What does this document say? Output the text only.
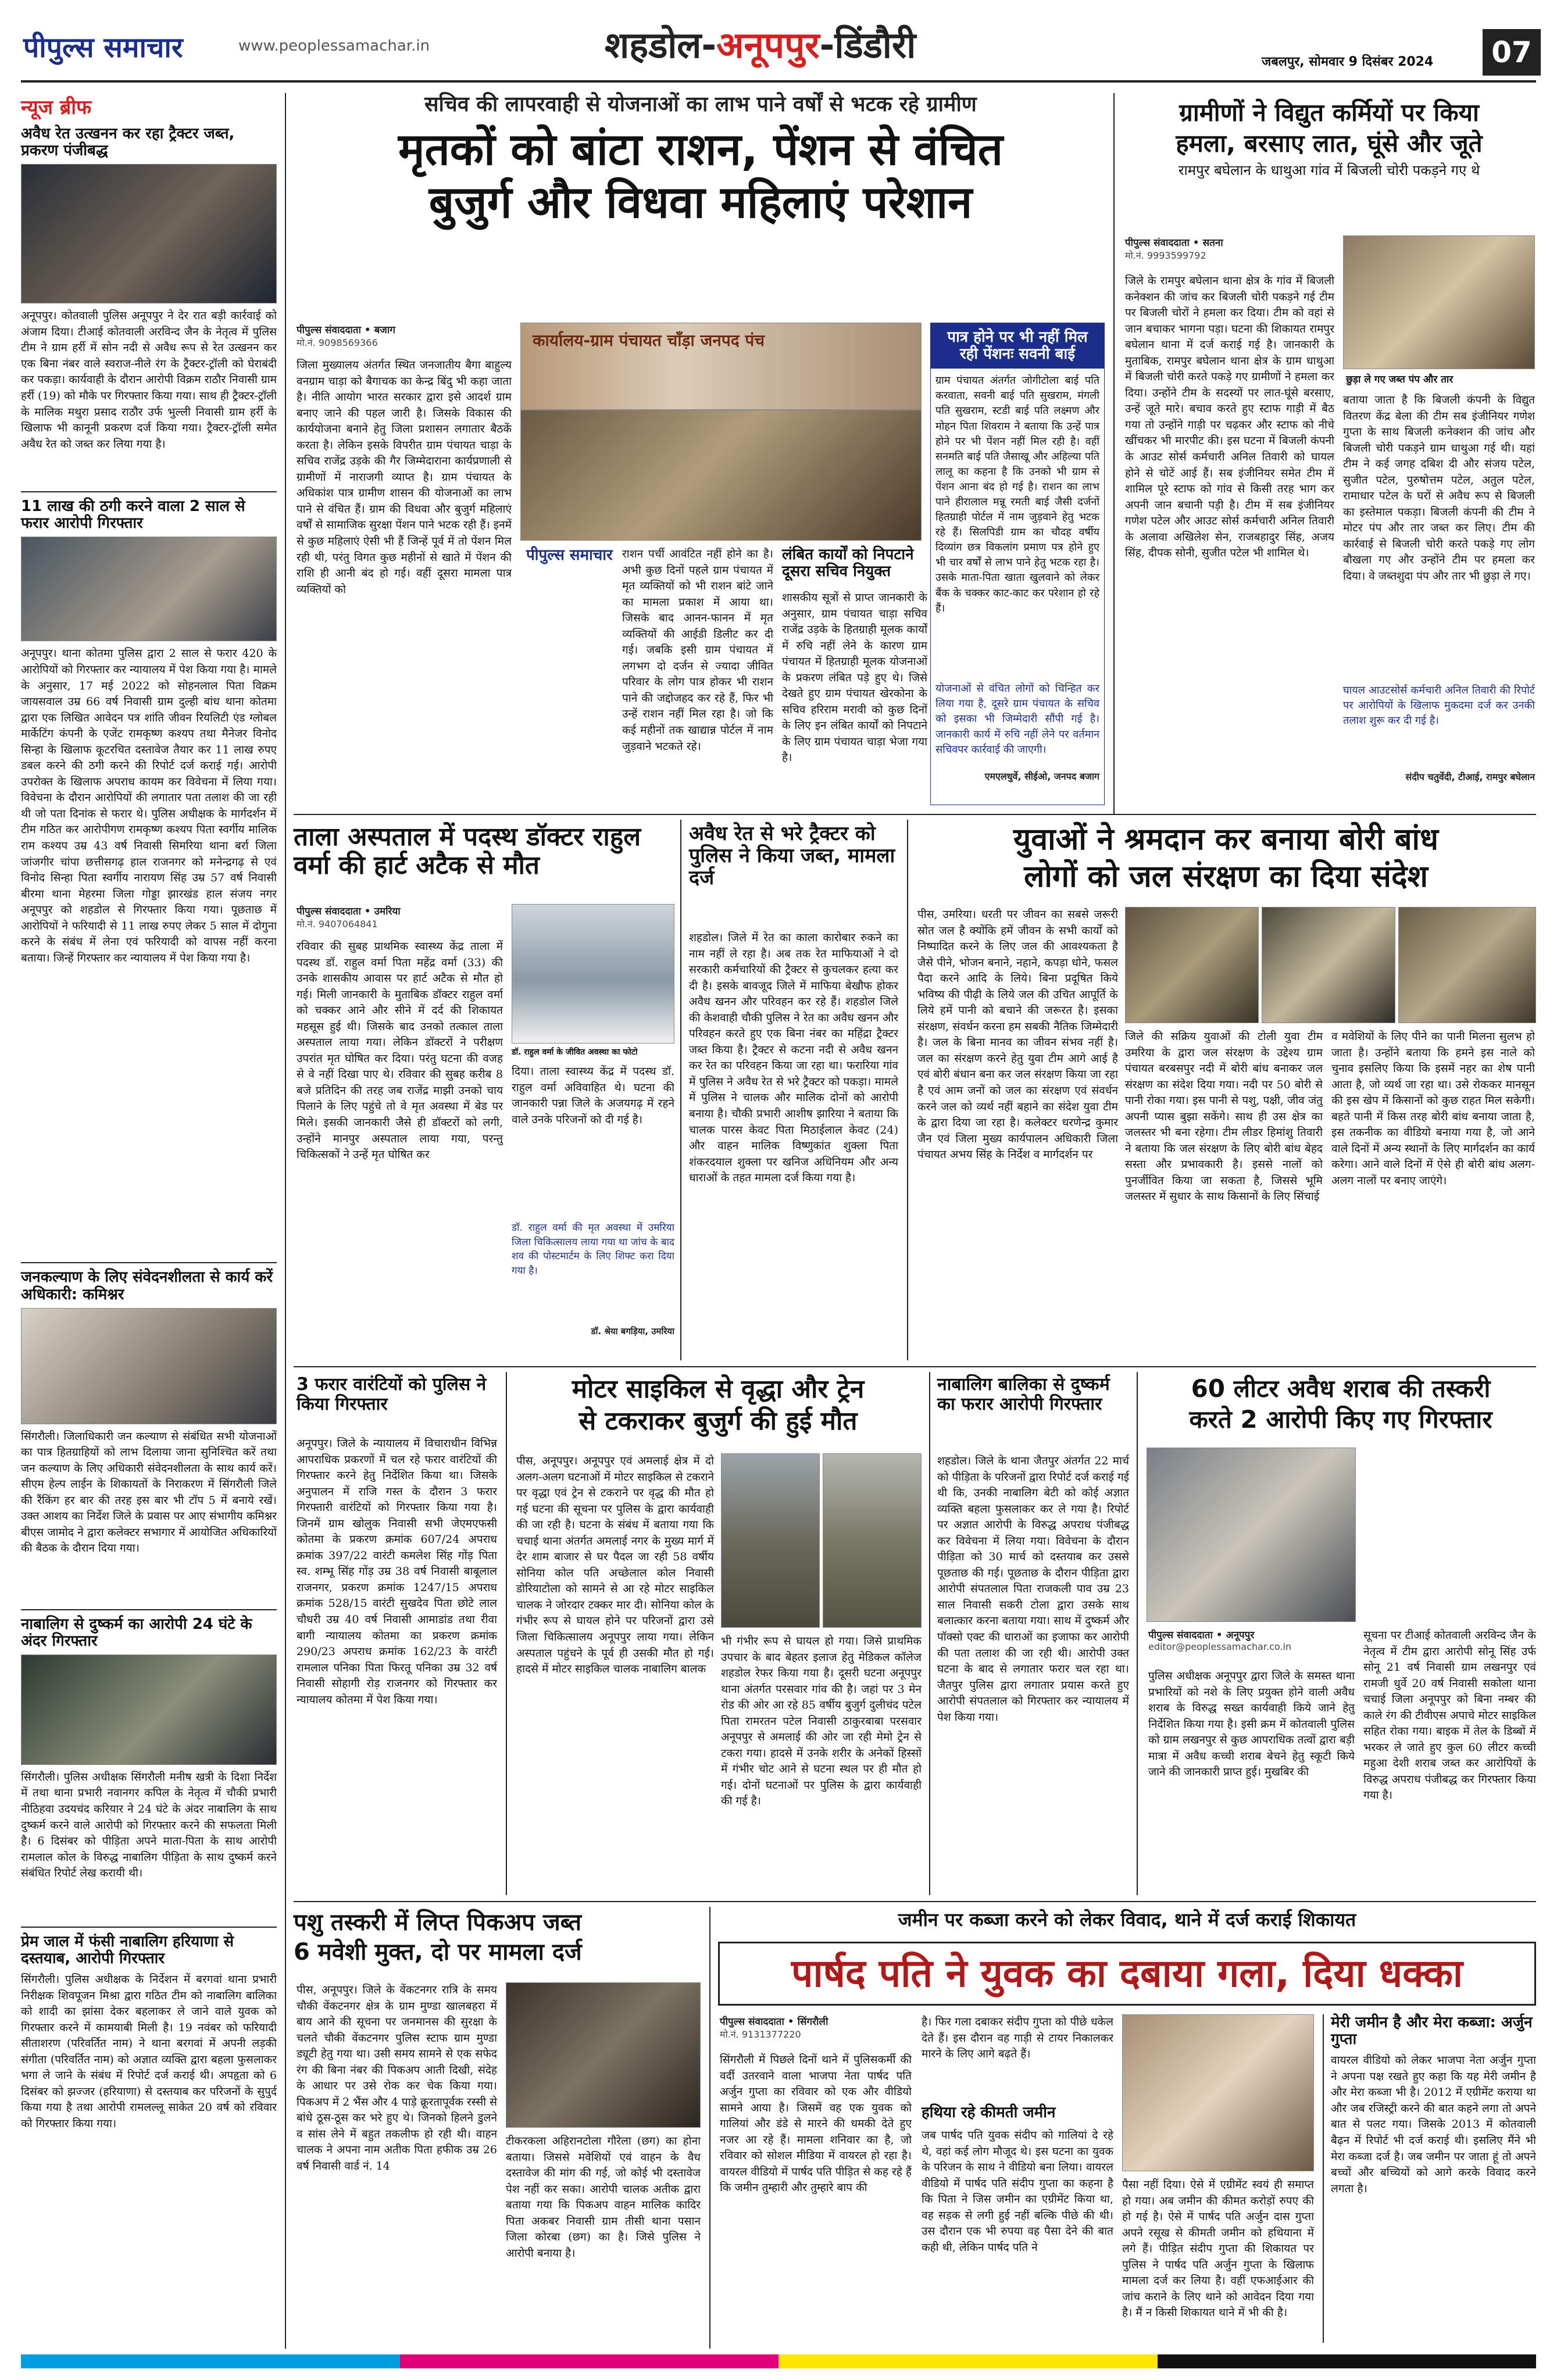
पीपुल्स समाचार	www.peoplessamachar.in	शहडोल-अनूपपुर-डिंडौरी	जबलपुर, सोमवार 9 दिसंबर 2024	07
न्यूज ब्रीफ
अवैध रेत उत्खनन कर रहा ट्रैक्टर जब्त, प्रकरण पंजीबद्ध
अनूपपुर। कोतवाली पुलिस अनूपपुर ने देर रात बड़ी कार्रवाई को अंजाम दिया। टीआई कोतवाली अरविन्द जैन के नेतृत्व में पुलिस टीम ने ग्राम हर्री में सोन नदी से अवैध रूप से रेत उत्खनन कर एक बिना नंबर वाले स्वराज-नीले रंग के ट्रैक्टर-ट्रॉली को घेराबंदी कर पकड़ा। कार्यवाही के दौरान आरोपी विक्रम राठौर निवासी ग्राम हर्री (19) को मौके पर गिरफ्तार किया गया। साथ ही ट्रैक्टर-ट्रॉली के मालिक मथुरा प्रसाद राठौर उर्फ भुल्ली निवासी ग्राम हर्री के खिलाफ भी कानूनी प्रकरण दर्ज किया गया। ट्रैक्टर-ट्रॉली समेत अवैध रेत को जब्त कर लिया गया है।
11 लाख की ठगी करने वाला 2 साल से फरार आरोपी गिरफ्तार
अनूपपुर। थाना कोतमा पुलिस द्वारा 2 साल से फरार 420 के आरोपियों को गिरफ्तार कर न्यायालय में पेश किया गया है। मामले के अनुसार, 17 मई 2022 को सोहनलाल पिता विक्रम जायसवाल उम्र 66 वर्ष निवासी ग्राम दुल्ही बांध थाना कोतमा द्वारा एक लिखित आवेदन पत्र शांति जीवन रियलिटी एंड ग्लोबल मार्केटिंग कंपनी के एजेंट रामकृष्ण कश्यप तथा मैनेजर विनोद सिन्हा के खिलाफ कूटरचित दस्तावेज तैयार कर 11 लाख रुपए डबल करने की ठगी करने की रिपोर्ट दर्ज कराई गई। आरोपी उपरोक्त के खिलाफ अपराध कायम कर विवेचना में लिया गया। विवेचना के दौरान आरोपियों की लगातार पता तलाश की जा रही थी जो पता दिनांक से फरार थे। पुलिस अधीक्षक के मार्गदर्शन में टीम गठित कर आरोपीगण रामकृष्ण कश्यप पिता स्वर्गीय मालिक राम कश्यप उम्र 43 वर्ष निवासी सिमरिया थाना बर्रा जिला जांजगीर चांपा छत्तीसगढ़ हाल राजनगर को मनेन्द्रगढ़ से एवं विनोद सिन्हा पिता स्वर्गीय नारायण सिंह उम्र 57 वर्ष निवासी बीरमा थाना मेहरमा जिला गोड्डा झारखंड हाल संजय नगर अनूपपुर को शहडोल से गिरफ्तार किया गया। पूछताछ में आरोपियों ने फरियादी से 11 लाख रुपए लेकर 5 साल में दोगुना करने के संबंध में लेना एवं फरियादी को वापस नहीं करना बताया। जिन्हें गिरफ्तार कर न्यायालय में पेश किया गया है।
जनकल्याण के लिए संवेदनशीलता से कार्य करें अधिकारी: कमिश्नर
सिंगरौली। जिलाधिकारी जन कल्याण से संबंधित सभी योजनाओं का पात्र हितग्राहियों को लाभ दिलाया जाना सुनिश्चित करें तथा जन कल्याण के लिए अधिकारी संवेदनशीलता के साथ कार्य करें। सीएम हेल्प लाईन के शिकायतों के निराकरण में सिंगरौली जिले की रैंकिंग हर बार की तरह इस बार भी टॉप 5 में बनाये रखें। उक्त आशय का निर्देश जिले के प्रवास पर आए संभागीय कमिश्नर बीएस जामोद ने द्वारा कलेक्टर सभागार में आयोजित अधिकारियों की बैठक के दौरान दिया गया।
नाबालिग से दुष्कर्म का आरोपी 24 घंटे के अंदर गिरफ्तार
सिंगरौली। पुलिस अधीक्षक सिंगरौली मनीष खत्री के दिशा निर्देश में तथा थाना प्रभारी नवानगर कपिल के नेतृत्व में चौकी प्रभारी नीठिहवा उदयचंद करियार ने 24 घंटे के अंदर नाबालिग के साथ दुष्कर्म करने वाले आरोपी को गिरफ्तार करने की सफलता मिली है। 6 दिसंबर को पीड़िता अपने माता-पिता के साथ आरोपी रामलाल कोल के विरुद्ध नाबालिग पीड़िता के साथ दुष्कर्म करने संबंधित रिपोर्ट लेख करायी थी।
प्रेम जाल में फंसी नाबालिग हरियाणा से दस्तयाब, आरोपी गिरफ्तार
सिंगरौली। पुलिस अधीक्षक के निर्देशन में बरगवां थाना प्रभारी निरीक्षक शिवपूजन मिश्रा द्वारा गठित टीम को नाबालिग बालिका को शादी का झांसा देकर बहलाकर ले जाने वाले युवक को गिरफ्तार करने में कामयाबी मिली है। 19 नवंबर को फरियादी सीताशरण (परिवर्तित नाम) ने थाना बरगवां में अपनी लड़की संगीता (परिवर्तित नाम) को अज्ञात व्यक्ति द्वारा बहला फुसलाकर भगा ले जाने के संबंध में रिपोर्ट दर्ज कराई थी। अपहृता को 6 दिसंबर को झज्जर (हरियाणा) से दस्तयाब कर परिजनों के सुपुर्द किया गया है तथा आरोपी रामलल्लू साकेत 20 वर्ष को रविवार को गिरफ्तार किया गया।
सचिव की लापरवाही से योजनाओं का लाभ पाने वर्षों से भटक रहे ग्रामीण
मृतकों को बांटा राशन, पेंशन से वंचित
बुजुर्ग और विधवा महिलाएं परेशान
पीपुल्स संवाददाता • बजाग
मो.नं. 9098569366
जिला मुख्यालय अंतर्गत स्थित जनजातीय बैगा बाहुल्य वनग्राम चाड़ा को बैगाचक का केन्द्र बिंदु भी कहा जाता है। नीति आयोग भारत सरकार द्वारा इसे आदर्श ग्राम बनाए जाने की पहल जारी है। जिसके विकास की कार्ययोजना बनाने हेतु जिला प्रशासन लगातार बैठकें करता है। लेकिन इसके विपरीत ग्राम पंचायत चाड़ा के सचिव राजेंद्र उड़के की गैर जिम्मेदाराना कार्यप्रणाली से ग्रामीणों में नाराजगी व्याप्त है। ग्राम पंचायत के अधिकांश पात्र ग्रामीण शासन की योजनाओं का लाभ पाने से वंचित हैं। ग्राम की विधवा और बुजुर्ग महिलाएं वर्षों से सामाजिक सुरक्षा पेंशन पाने भटक रही हैं। इनमें से कुछ महिलाएं ऐसी भी हैं जिन्हें पूर्व में तो पेंशन मिल रही थी, परंतु विगत कुछ महीनों से खाते में पेंशन की राशि ही आनी बंद हो गई। वहीं दूसरा मामला पात्र व्यक्तियों को
कार्यालय-ग्राम पंचायत चाँड़ा जनपद पंच
पीपुल्स समाचार राशन पर्ची आवंटित नहीं होने का है। अभी कुछ दिनों पहले ग्राम पंचायत में मृत व्यक्तियों को भी राशन बांटे जाने का मामला प्रकाश में आया था। जिसके बाद आनन-फानन में मृत व्यक्तियों की आईडी डिलीट कर दी गई। जबकि इसी ग्राम पंचायत में लगभग दो दर्जन से ज्यादा जीवित परिवार के लोग पात्र होकर भी राशन पाने की जद्दोजहद कर रहे हैं, फिर भी उन्हें राशन नहीं मिल रहा है। जो कि कई महीनों तक खाद्यान्न पोर्टल में नाम जुड़वाने भटकते रहे।
लंबित कार्यों को निपटाने दूसरा सचिव नियुक्त
शासकीय सूत्रों से प्राप्त जानकारी के अनुसार, ग्राम पंचायत चाड़ा सचिव राजेंद्र उड़के के हितग्राही मूलक कार्यों में रुचि नहीं लेने के कारण ग्राम पंचायत में हितग्राही मूलक योजनाओं के प्रकरण लंबित पड़े हुए थे। जिसे देखते हुए ग्राम पंचायत खेरकोना के सचिव हरिराम मरावी को कुछ दिनों के लिए इन लंबित कार्यों को निपटाने के लिए ग्राम पंचायत चाड़ा भेजा गया है।
पात्र होने पर भी नहीं मिल रही पेंशनः सवनी बाई
ग्राम पंचायत अंतर्गत जोगीटोला बाई पति करवाता, सवनी बाई पति सुखराम, मंगली पति सुखराम, स्टडी बाई पति लक्ष्मण और मोहन पिता शिवराम ने बताया कि उन्हें पात्र होने पर भी पेंशन नहीं मिल रही है। वहीं सनमति बाई पति जैसाखू और अहिल्या पति लालू का कहना है कि उनको भी ग्राम से पेंशन आना बंद हो गई है। राशन का लाभ पाने हीरालाल मन्नू रमती बाई जैसी दर्जनों हितग्राही पोर्टल में नाम जुड़वाने हेतु भटक रहे हैं। सिलपिडी ग्राम का चौदह वर्षीय दिव्यांग छत्र विकलांग प्रमाण पत्र होने हुए भी चार वर्षों से लाभ पाने हेतु भटक रहा है। उसके माता-पिता खाता खुलवाने को लेकर बैंक के चक्कर काट-काट कर परेशान हो रहे हैं।
योजनाओं से वंचित लोगों को चिन्हित कर लिया गया है, दूसरे ग्राम पंचायत के सचिव को इसका भी जिम्मेदारी सौंपी गई है। जानकारी कार्य में रुचि नहीं लेने पर वर्तमान सचिवपर कार्रवाई की जाएगी।
एमएलधुर्वे, सीईओ, जनपद बजाग
ग्रामीणों ने विद्युत कर्मियों पर किया
हमला, बरसाए लात, घूंसे और जूते
रामपुर बघेलान के धाथुआ गांव में बिजली चोरी पकड़ने गए थे
पीपुल्स संवाददाता • सतना
मो.नं. 9993599792
जिले के रामपुर बघेलान थाना क्षेत्र के गांव में बिजली कनेक्शन की जांच कर बिजली चोरी पकड़ने गई टीम पर बिजली चोरों ने हमला कर दिया। टीम को वहां से जान बचाकर भागना पड़ा। घटना की शिकायत रामपुर बघेलान थाना में दर्ज कराई गई है। जानकारी के मुताबिक, रामपुर बघेलान थाना क्षेत्र के ग्राम धाथुआ में बिजली चोरी करते पकड़े गए ग्रामीणों ने हमला कर दिया। उन्होंने टीम के सदस्यों पर लात-घूंसे बरसाए, उन्हें जूते मारे। बचाव करते हुए स्टाफ गाड़ी में बैठ गया तो उन्होंने गाड़ी पर चढ़कर और स्टाफ को नीचे खींचकर भी मारपीट की। इस घटना में बिजली कंपनी के आउट सोर्स कर्मचारी अनिल तिवारी को घायल होने से चोटें आई हैं। सब इंजीनियर समेत टीम में शामिल पूरे स्टाफ को गांव से किसी तरह भाग कर अपनी जान बचानी पड़ी है। टीम में सब इंजीनियर गणेश पटेल और आउट सोर्स कर्मचारी अनिल तिवारी के अलावा अखिलेश सेन, राजबहादुर सिंह, अजय सिंह, दीपक सोनी, सुजीत पटेल भी शामिल थे।
छुड़ा ले गए जब्त पंप और तार
बताया जाता है कि बिजली कंपनी के विद्युत वितरण केंद्र बेला की टीम सब इंजीनियर गणेश गुप्ता के साथ बिजली कनेक्शन की जांच और बिजली चोरी पकड़ने ग्राम धाथुआ गई थी। यहां टीम ने कई जगह दबिश दी और संजय पटेल, सुजीत पटेल, पुरुषोत्तम पटेल, अतुल पटेल, रामाधार पटेल के घरों से अवैध रूप से बिजली का इस्तेमाल पकड़ा। बिजली कंपनी की टीम ने मोटर पंप और तार जब्त कर लिए। टीम की कार्रवाई से बिजली चोरी करते पकड़े गए लोग बौखला गए और उन्होंने टीम पर हमला कर दिया। वे जब्तशुदा पंप और तार भी छुड़ा ले गए।
घायल आउटसोर्स कर्मचारी अनिल तिवारी की रिपोर्ट पर आरोपियों के खिलाफ मुकदमा दर्ज कर उनकी तलाश शुरू कर दी गई है।
संदीप चतुर्वेदी, टीआई, रामपुर बघेलान
ताला अस्पताल में पदस्थ डॉक्टर राहुल वर्मा की हार्ट अटैक से मौत
पीपुल्स संवाददाता • उमरिया
मो.नं. 9407064841
डॉ. राहुल वर्मा के जीवित अवस्था का फोटो
रविवार की सुबह प्राथमिक स्वास्थ्य केंद्र ताला में पदस्थ डॉ. राहुल वर्मा पिता महेंद्र वर्मा (33) की उनके शासकीय आवास पर हार्ट अटैक से मौत हो गई। मिली जानकारी के मुताबिक डॉक्टर राहुल वर्मा को चक्कर आने और सीने में दर्द की शिकायत महसूस हुई थी। जिसके बाद उनको तत्काल ताला अस्पताल लाया गया। लेकिन डॉक्टरों ने परीक्षण उपरांत मृत घोषित कर दिया। परंतु घटना की वजह से वे नहीं दिखा पाए थे। रविवार की सुबह करीब 8 बजे प्रतिदिन की तरह जब राजेंद्र माझी उनको चाय पिलाने के लिए पहुंचे तो वे मृत अवस्था में बेड पर मिले। इसकी जानकारी जैसे ही डॉक्टरों को लगी, उन्होंने मानपुर अस्पताल लाया गया, परन्तु चिकित्सकों ने उन्हें मृत घोषित कर
दिया। ताला स्वास्थ्य केंद्र में पदस्थ डॉ. राहुल वर्मा अविवाहित थे। घटना की जानकारी पन्ना जिले के अजयगढ़ में रहने वाले उनके परिजनों को दी गई है।
डॉ. राहुल वर्मा की मृत अवस्था में उमरिया जिला चिकित्सालय लाया गया था जांच के बाद शव की पोस्टमार्टम के लिए शिफ्ट करा दिया गया है।
डॉ. श्रेया बगड़िया, उमरिया
अवैध रेत से भरे ट्रैक्टर को पुलिस ने किया जब्त, मामला दर्ज
शहडोल। जिले में रेत का काला कारोबार रुकने का नाम नहीं ले रहा है। अब तक रेत माफियाओं ने दो सरकारी कर्मचारियों की ट्रैक्टर से कुचलकर हत्या कर दी है। इसके बावजूद जिले में माफिया बेखौफ होकर अवैध खनन और परिवहन कर रहे हैं। शहडोल जिले की केशवाही चौकी पुलिस ने रेत का अवैध खनन और परिवहन करते हुए एक बिना नंबर का महिंद्रा ट्रैक्टर जब्त किया है। ट्रैक्टर से कटना नदी से अवैध खनन कर रेत का परिवहन किया जा रहा था। फरारिया गांव में पुलिस ने अवैध रेत से भरे ट्रैक्टर को पकड़ा। मामले में पुलिस ने चालक और मालिक दोनों को आरोपी बनाया है। चौकी प्रभारी आशीष झारिया ने बताया कि चालक पारस केवट पिता मिठाईलाल केवट (24) और वाहन मालिक विष्णुकांत शुक्ला पिता शंकरदयाल शुक्ला पर खनिज अधिनियम और अन्य धाराओं के तहत मामला दर्ज किया गया है।
युवाओं ने श्रमदान कर बनाया बोरी बांध
लोगों को जल संरक्षण का दिया संदेश
पीस, उमरिया। धरती पर जीवन का सबसे जरूरी स्रोत जल है क्योंकि हमें जीवन के सभी कार्यों को निष्पादित करने के लिए जल की आवश्यकता है जैसे पीने, भोजन बनाने, नहाने, कपड़ा धोने, फसल पैदा करने आदि के लिये। बिना प्रदूषित किये भविष्य की पीढ़ी के लिये जल की उचित आपूर्ति के लिये हमें पानी को बचाने की जरूरत है। इसका संरक्षण, संवर्धन करना हम सबकी नैतिक जिम्मेदारी है। जल के बिना मानव का जीवन संभव नहीं है। जल का संरक्षण करने हेतु युवा टीम आगे आई है एवं बोरी बंधान बना कर जल संरक्षण किया जा रहा है एवं आम जनों को जल का संरक्षण एवं संवर्धन करने जल को व्यर्थ नहीं बहाने का संदेश युवा टीम के द्वारा दिया जा रहा है। कलेक्टर धरणेन्द्र कुमार जैन एवं जिला मुख्य कार्यपालन अधिकारी जिला पंचायत अभय सिंह के निर्देश व मार्गदर्शन पर
जिले की सक्रिय युवाओं की टोली युवा टीम उमरिया के द्वारा जल संरक्षण के उद्देश्य ग्राम पंचायत बरबसपुर नदी में बोरी बांध बनाकर जल संरक्षण का संदेश दिया गया। नदी पर 50 बोरी से पानी रोका गया। इस पानी से पशु, पक्षी, जीव जंतु अपनी प्यास बुझा सकेंगे। साथ ही उस क्षेत्र का जलस्तर भी बना रहेगा। टीम लीडर हिमांशु तिवारी ने बताया कि जल संरक्षण के लिए बोरी बांध बेहद सस्ता और प्रभावकारी है। इससे नालों को पुनर्जीवित किया जा सकता है, जिससे भूमि जलस्तर में सुधार के साथ किसानों के लिए सिंचाई
व मवेशियों के लिए पीने का पानी मिलना सुलभ हो जाता है। उन्होंने बताया कि हमने इस नाले को चुनाव इसलिए किया कि इसमें नहर का शेष पानी आता है, जो व्यर्थ जा रहा था। उसे रोककर मानसून की इस खेप में किसानों को कुछ राहत मिल सकेगी। बहते पानी में किस तरह बोरी बांध बनाया जाता है, इस तकनीक का वीडियो बनाया गया है, जो आने वाले दिनों में अन्य स्थानों के लिए मार्गदर्शन का कार्य करेगा। आने वाले दिनों में ऐसे ही बोरी बांध अलग-अलग नालों पर बनाए जाएंगे।
3 फरार वारंटियों को पुलिस ने किया गिरफ्तार
अनूपपुर। जिले के न्यायालय में विचाराधीन विभिन्न आपराधिक प्रकरणों में चल रहे फरार वारंटियों की गिरफ्तार करने हेतु निर्देशित किया था। जिसके अनुपालन में राजि गस्त के दौरान 3 फरार गिरफ्तारी वारंटियों को गिरफ्तार किया गया है। जिनमें ग्राम खोलुक निवासी सभी जेएमएफसी कोतमा के प्रकरण क्रमांक 607/24 अपराध क्रमांक 397/22 वारंटी कमलेश सिंह गोंड़ पिता स्व. शम्भू सिंह गोंड़ उम्र 38 वर्ष निवासी बाबूलाल राजनगर, प्रकरण क्रमांक 1247/15 अपराध क्रमांक 528/15 वारंटी सुखदेव पिता छोटे लाल चौधरी उम्र 40 वर्ष निवासी आमाडांड तथा रीवा बागी न्यायालय कोतमा का प्रकरण क्रमांक 290/23 अपराध क्रमांक 162/23 के वारंटी रामलाल पनिका पिता फिरतू पनिका उम्र 32 वर्ष निवासी सोहागी रोड़ राजनगर को गिरफ्तार कर न्यायालय कोतमा में पेश किया गया।
मोटर साइकिल से वृद्धा और ट्रेन
से टकराकर बुजुर्ग की हुई मौत
पीस, अनूपपुर। अनूपपुर एवं अमलाई क्षेत्र में दो अलग-अलग घटनाओं में मोटर साइकिल से टकराने पर वृद्धा एवं ट्रेन से टकराने पर वृद्ध की मौत हो गई घटना की सूचना पर पुलिस के द्वारा कार्यवाही की जा रही है। घटना के संबंध में बताया गया कि चचाई थाना अंतर्गत अमलाई नगर के मुख्य मार्ग में देर शाम बाजार से घर पैदल जा रही 58 वर्षीय सोनिया कोल पति अच्छेलाल कोल निवासी डोरियाटोला को सामने से आ रहे मोटर साइकिल चालक ने जोरदार टक्कर मार दी। सोनिया कोल के गंभीर रूप से घायल होने पर परिजनों द्वारा उसे जिला चिकित्सालय अनूपपुर लाया गया। लेकिन अस्पताल पहुंचने के पूर्व ही उसकी मौत हो गई। हादसे में मोटर साइकिल चालक नाबालिग बालक
भी गंभीर रूप से घायल हो गया। जिसे प्राथमिक उपचार के बाद बेहतर इलाज हेतु मेडिकल कॉलेज शहडोल रेफर किया गया है। दूसरी घटना अनूपपुर थाना अंतर्गत परसवार गांव की है। जहां पर 3 मेन रोड की ओर आ रहे 85 वर्षीय बुजुर्ग दुलीचंद पटेल पिता रामरतन पटेल निवासी ठाकुरबाबा परसवार अनूपपुर से अमलाई की ओर जा रही मेमो ट्रेन से टकरा गया। हादसे में उनके शरीर के अनेकों हिस्सों में गंभीर चोट आने से घटना स्थल पर ही मौत हो गई। दोनों घटनाओं पर पुलिस के द्वारा कार्यवाही की गई है।
नाबालिग बालिका से दुष्कर्म का फरार आरोपी गिरफ्तार
शहडोल। जिले के थाना जैतपुर अंतर्गत 22 मार्च को पीड़िता के परिजनों द्वारा रिपोर्ट दर्ज कराई गई थी कि, उनकी नाबालिग बेटी को कोई अज्ञात व्यक्ति बहला फुसलाकर कर ले गया है। रिपोर्ट पर अज्ञात आरोपी के विरुद्ध अपराध पंजीबद्ध कर विवेचना में लिया गया। विवेचना के दौरान पीड़िता को 30 मार्च को दस्तयाब कर उससे पूछताछ की गई। पूछताछ के दौरान पीड़िता द्वारा आरोपी संपतलाल पिता राजकली पाव उम्र 23 साल निवासी सकरी टोला द्वारा उसके साथ बलात्कार करना बताया गया। साथ में दुष्कर्म और पॉक्सो एक्ट की धाराओं का इजाफा कर आरोपी की पता तलाश की जा रही थी। आरोपी उक्त घटना के बाद से लगातार फरार चल रहा था। जैतपुर पुलिस द्वारा लगातार प्रयास करते हुए आरोपी संपतलाल को गिरफ्तार कर न्यायालय में पेश किया गया।
60 लीटर अवैध शराब की तस्करी
करते 2 आरोपी किए गए गिरफ्तार
पीपुल्स संवाददाता • अनूपपुर
editor@peoplessamachar.co.in
पुलिस अधीक्षक अनूपपुर द्वारा जिले के समस्त थाना प्रभारियों को नशे के लिए प्रयुक्त होने वाली अवैध शराब के विरुद्ध सख्त कार्यवाही किये जाने हेतु निर्देशित किया गया है। इसी क्रम में कोतवाली पुलिस को ग्राम लखनपुर से कुछ आपराधिक तत्वों द्वारा बड़ी मात्रा में अवैध कच्ची शराब बेचने हेतु स्कूटी किये जाने की जानकारी प्राप्त हुई। मुखबिर की
सूचना पर टीआई कोतवाली अरविन्द जैन के नेतृत्व में टीम द्वारा आरोपी सोनू सिंह उर्फ सोनू 21 वर्ष निवासी ग्राम लखनपुर एवं रामजी धुर्वे 20 वर्ष निवासी सकोला थाना चचाई जिला अनूपपुर को बिना नम्बर की काले रंग की टीवीएस अपाचे मोटर साइकिल सहित रोका गया। बाइक में तेल के डिब्बों में भरकर ले जाते हुए कुल 60 लीटर कच्ची महुआ देशी शराब जब्त कर आरोपियों के विरुद्ध अपराध पंजीबद्ध कर गिरफ्तार किया गया है।
पशु तस्करी में लिप्त पिकअप जब्त
6 मवेशी मुक्त, दो पर मामला दर्ज
पीस, अनूपपुर। जिले के वेंकटनगर रात्रि के समय चौकी वेंकटनगर क्षेत्र के ग्राम मुण्डा खालबहरा में बाय आने की सूचना पर जनमानस की सुरक्षा के चलते चौकी वेंकटनगर पुलिस स्टाफ ग्राम मुण्डा ड्यूटी हेतु गया था। उसी समय सामने से एक सफेद रंग की बिना नंबर की पिकअप आती दिखी, संदेह के आधार पर उसे रोक कर चेक किया गया। पिकअप में 2 भैंस और 4 पाड़े क्रूरतापूर्वक रस्सी से बांधे ठूस-ठूस कर भरे हुए थे। जिनको हिलने डुलने व सांस लेने में बहुत तकलीफ हो रही थी। वाहन चालक ने अपना नाम अतीक पिता हफीक उम्र 26 वर्ष निवासी वार्ड नं. 14
टीकरकला अहिरानटोला गौरेला (छग) का होना बताया। जिससे मवेशियों एवं वाहन के वैध दस्तावेज की मांग की गई, जो कोई भी दस्तावेज पेश नहीं कर सका। आरोपी चालक अतीक द्वारा बताया गया कि पिकअप वाहन मालिक कादिर पिता अकबर निवासी ग्राम तीसी थाना पसान जिला कोरबा (छग) का है। जिसे पुलिस ने आरोपी बनाया है।
जमीन पर कब्जा करने को लेकर विवाद, थाने में दर्ज कराई शिकायत
पार्षद पति ने युवक का दबाया गला, दिया धक्का
पीपुल्स संवाददाता • सिंगरौली
मो.नं. 9131377220
सिंगरौली में पिछले दिनों थाने में पुलिसकर्मी की वर्दी उतरवाने वाला भाजपा नेता पार्षद पति अर्जुन गुप्ता का रविवार को एक और वीडियो सामने आया है। जिसमें वह एक युवक को गालियां और डंडे से मारने की धमकी देते हुए नजर आ रहे हैं। मामला शनिवार का है, जो रविवार को सोशल मीडिया में वायरल हो रहा है। वायरल वीडियो में पार्षद पति पीड़ित से कह रहे हैं कि जमीन तुम्हारी और तुम्हारे बाप की
है। फिर गला दबाकर संदीप गुप्ता को पीछे धकेल देते हैं। इस दौरान वह गाड़ी से टायर निकालकर मारने के लिए आगे बढ़ते हैं।
हथिया रहे कीमती जमीन
जब पार्षद पति युवक संदीप को गालियां दे रहे थे, वहां कई लोग मौजूद थे। इस घटना का युवक के परिजन के साथ ने वीडियो बना लिया। वायरल वीडियो में पार्षद पति संदीप गुप्ता का कहना है कि पिता ने जिस जमीन का एग्रीमेंट किया था, वह सड़क से लगी हुई नहीं बल्कि पीछे की थी। उस दौरान एक भी रुपया वह पैसा देने की बात कही थी, लेकिन पार्षद पति ने
पैसा नहीं दिया। ऐसे में एग्रीमेंट स्वयं ही समाप्त हो गया। अब जमीन की कीमत करोड़ों रुपए की हो गई है। ऐसे में पार्षद पति अर्जुन दास गुप्ता अपने रसूख से कीमती जमीन को हथियाना में लगे हैं। पीड़ित संदीप गुप्ता की शिकायत पर पुलिस ने पार्षद पति अर्जुन गुप्ता के खिलाफ मामला दर्ज कर लिया है। वहीं एफआईआर की जांच कराने के लिए थाने को आवेदन दिया गया है। मैं न किसी शिकायत थाने में भी की है।
मेरी जमीन है और मेरा कब्जा: अर्जुन गुप्ता
वायरल वीडियो को लेकर भाजपा नेता अर्जुन गुप्ता ने अपना पक्ष रखते हुए कहा कि यह मेरी जमीन है और मेरा कब्जा भी है। 2012 में एग्रीमेंट कराया था और जब रजिस्ट्री करने की बात कहने लगा तो अपने बात से पलट गया। जिसके 2013 में कोतवाली बैढ़न में रिपोर्ट भी दर्ज कराई थी। इसलिए मैंने भी मेरा कब्जा दर्ज है। जब जमीन पर जाता हूं तो अपने बच्चों और बच्चियों को आगे करके विवाद करने लगता है।
